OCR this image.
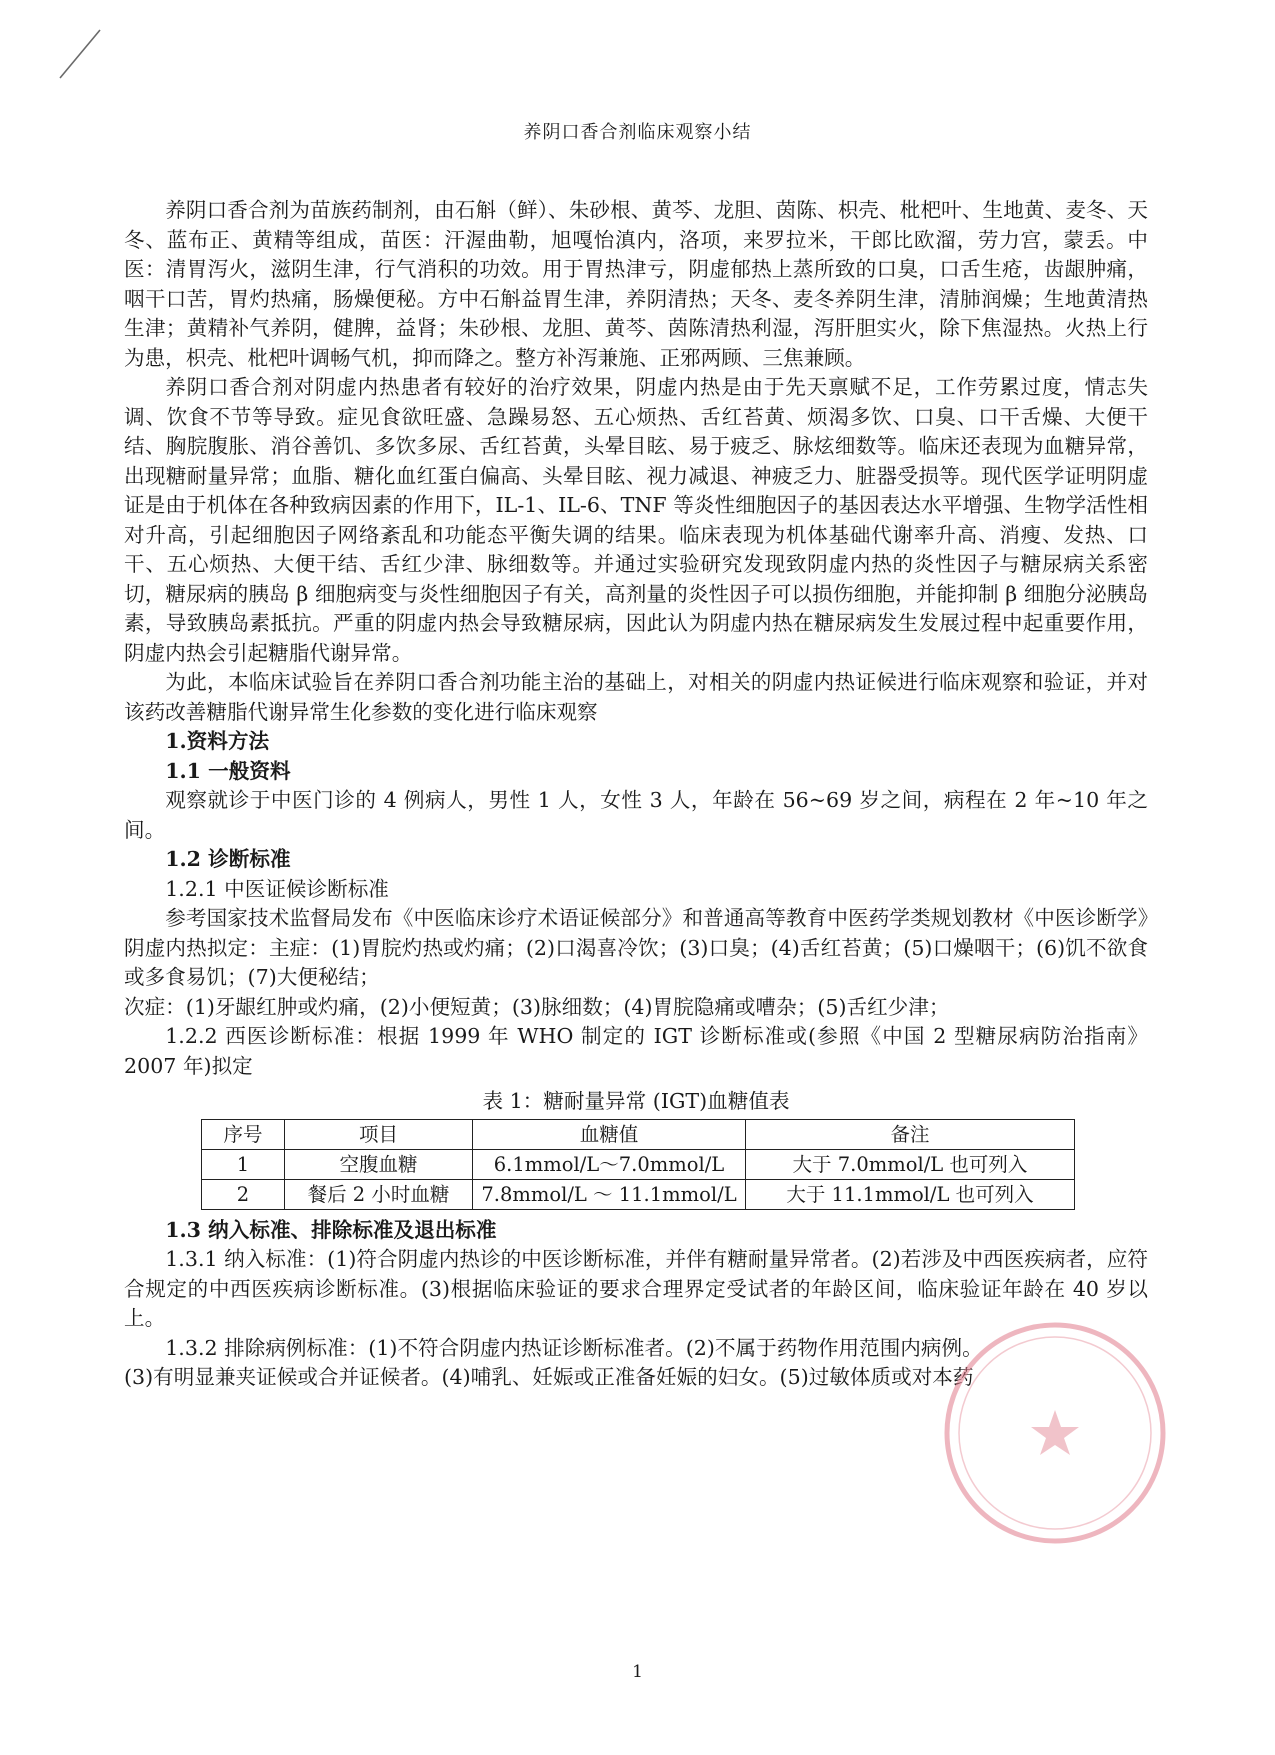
养阴口香合剂临床观察小结

养阴口香合剂为苗族药制剂，由石斛（鲜）、朱砂根、黄芩、龙胆、茵陈、枳壳、枇杷叶、生地黄、麦冬、天冬、蓝布正、黄精等组成，苗医：汗渥曲勒，旭嘎怡滇内，洛项，来罗拉米，干郎比欧溜，劳力宫，蒙丢。中医：清胃泻火，滋阴生津，行气消积的功效。用于胃热津亏，阴虚郁热上蒸所致的口臭，口舌生疮，齿龈肿痛，咽干口苦，胃灼热痛，肠燥便秘。方中石斛益胃生津，养阴清热；天冬、麦冬养阴生津，清肺润燥；生地黄清热生津；黄精补气养阴，健脾，益肾；朱砂根、龙胆、黄芩、茵陈清热利湿，泻肝胆实火，除下焦湿热。火热上行为患，枳壳、枇杷叶调畅气机，抑而降之。整方补泻兼施、正邪两顾、三焦兼顾。

养阴口香合剂对阴虚内热患者有较好的治疗效果，阴虚内热是由于先天禀赋不足，工作劳累过度，情志失调、饮食不节等导致。症见食欲旺盛、急躁易怒、五心烦热、舌红苔黄、烦渴多饮、口臭、口干舌燥、大便干结、胸脘腹胀、消谷善饥、多饮多尿、舌红苔黄，头晕目眩、易于疲乏、脉炫细数等。临床还表现为血糖异常，出现糖耐量异常；血脂、糖化血红蛋白偏高、头晕目眩、视力减退、神疲乏力、脏器受损等。现代医学证明阴虚证是由于机体在各种致病因素的作用下，IL-1、IL-6、TNF 等炎性细胞因子的基因表达水平增强、生物学活性相对升高，引起细胞因子网络紊乱和功能态平衡失调的结果。临床表现为机体基础代谢率升高、消瘦、发热、口干、五心烦热、大便干结、舌红少津、脉细数等。并通过实验研究发现致阴虚内热的炎性因子与糖尿病关系密切，糖尿病的胰岛 β 细胞病变与炎性细胞因子有关，高剂量的炎性因子可以损伤细胞，并能抑制 β 细胞分泌胰岛素，导致胰岛素抵抗。严重的阴虚内热会导致糖尿病，因此认为阴虚内热在糖尿病发生发展过程中起重要作用，阴虚内热会引起糖脂代谢异常。

为此，本临床试验旨在养阴口香合剂功能主治的基础上，对相关的阴虚内热证候进行临床观察和验证，并对该药改善糖脂代谢异常生化参数的变化进行临床观察

1.资料方法

1.1 一般资料

观察就诊于中医门诊的 4 例病人，男性 1 人，女性 3 人，年龄在 56~69 岁之间，病程在 2 年~10 年之间。

1.2 诊断标准

1.2.1 中医证候诊断标准

参考国家技术监督局发布《中医临床诊疗术语证候部分》和普通高等教育中医药学类规划教材《中医诊断学》阴虚内热拟定：主症：(1)胃脘灼热或灼痛；(2)口渴喜冷饮；(3)口臭；(4)舌红苔黄；(5)口燥咽干；(6)饥不欲食或多食易饥；(7)大便秘结；

次症：(1)牙龈红肿或灼痛，(2)小便短黄；(3)脉细数；(4)胃脘隐痛或嘈杂；(5)舌红少津；

1.2.2 西医诊断标准：根据 1999 年 WHO 制定的 IGT 诊断标准或(参照《中国 2 型糖尿病防治指南》2007 年)拟定

表 1：糖耐量异常 (IGT)血糖值表
序号	项目	血糖值	备注
1	空腹血糖	6.1mmol/L～7.0mmol/L	大于 7.0mmol/L 也可列入
2	餐后 2 小时血糖	7.8mmol/L ～ 11.1mmol/L	大于 11.1mmol/L 也可列入

1.3 纳入标准、排除标准及退出标准

1.3.1 纳入标准：(1)符合阴虚内热诊的中医诊断标准，并伴有糖耐量异常者。(2)若涉及中西医疾病者，应符合规定的中西医疾病诊断标准。(3)根据临床验证的要求合理界定受试者的年龄区间，临床验证年龄在 40 岁以上。

1.3.2 排除病例标准：(1)不符合阴虚内热证诊断标准者。(2)不属于药物作用范围内病例。

(3)有明显兼夹证候或合并证候者。(4)哺乳、妊娠或正准备妊娠的妇女。(5)过敏体质或对本药

1
